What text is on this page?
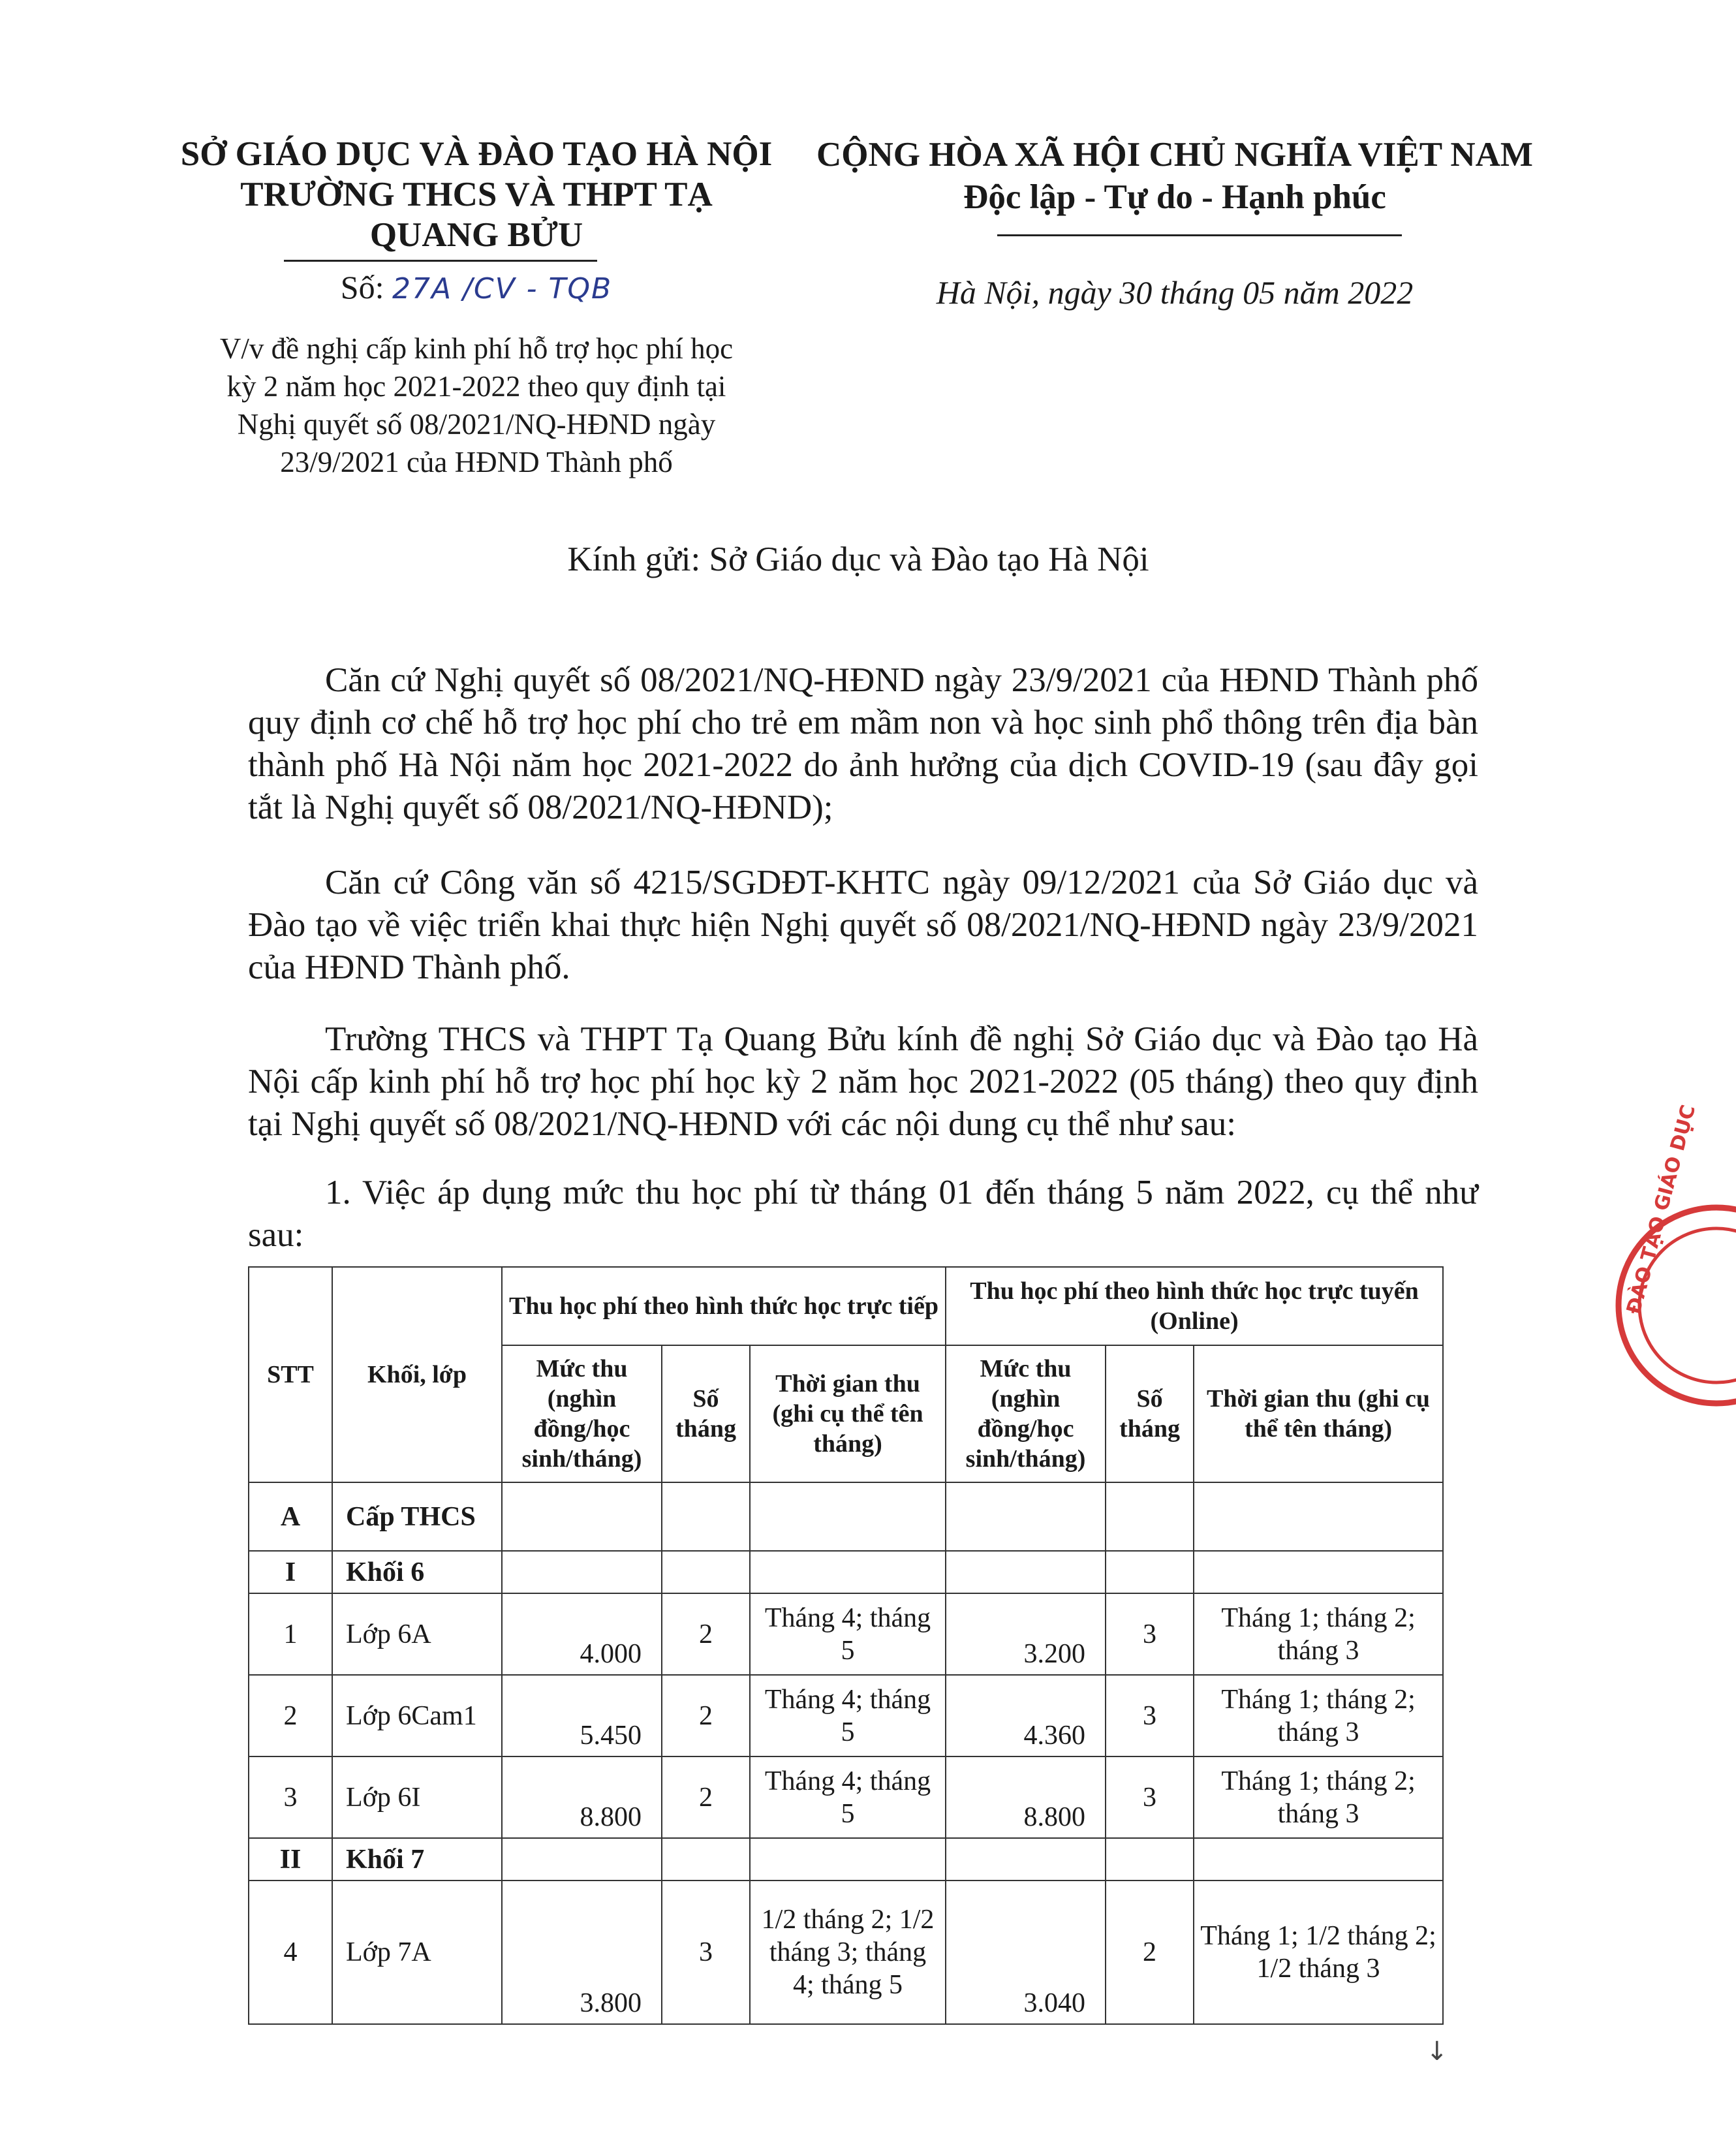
SỞ GIÁO DỤC VÀ ĐÀO TẠO HÀ NỘI
TRƯỜNG THCS VÀ THPT TẠ
QUANG BỬU
CỘNG HÒA XÃ HỘI CHỦ NGHĨA VIỆT NAM
Độc lập - Tự do - Hạnh phúc
Số: 27A /CV - TQB	Hà Nội, ngày 30 tháng 05 năm 2022
V/v đề nghị cấp kinh phí hỗ trợ học phí học
kỳ 2 năm học 2021-2022 theo quy định tại
Nghị quyết số 08/2021/NQ-HĐND ngày
23/9/2021 của HĐND Thành phố
Kính gửi: Sở Giáo dục và Đào tạo Hà Nội
Căn cứ Nghị quyết số 08/2021/NQ-HĐND ngày 23/9/2021 của HĐND Thành phố quy định cơ chế hỗ trợ học phí cho trẻ em mầm non và học sinh phổ thông trên địa bàn thành phố Hà Nội năm học 2021-2022 do ảnh hưởng của dịch COVID-19 (sau đây gọi tắt là Nghị quyết số 08/2021/NQ-HĐND);
Căn cứ Công văn số 4215/SGDĐT-KHTC ngày 09/12/2021 của Sở Giáo dục và Đào tạo về việc triển khai thực hiện Nghị quyết số 08/2021/NQ-HĐND ngày 23/9/2021 của HĐND Thành phố.
Trường THCS và THPT Tạ Quang Bửu kính đề nghị Sở Giáo dục và Đào tạo Hà Nội cấp kinh phí hỗ trợ học phí học kỳ 2 năm học 2021-2022 (05 tháng) theo quy định tại Nghị quyết số 08/2021/NQ-HĐND với các nội dung cụ thể như sau:
1. Việc áp dụng mức thu học phí từ tháng 01 đến tháng 5 năm 2022, cụ thể như sau:
STT	Khối, lớp	Thu học phí theo hình thức học trực tiếp			Thu học phí theo hình thức học trực tuyến (Online)		
		Mức thu (nghìn đồng/học sinh/tháng)	Số tháng	Thời gian thu (ghi cụ thể tên tháng)	Mức thu (nghìn đồng/học sinh/tháng)	Số tháng	Thời gian thu (ghi cụ thể tên tháng)
A	Cấp THCS						
I	Khối 6						
1	Lớp 6A	4.000	2	Tháng 4; tháng 5	3.200	3	Tháng 1; tháng 2; tháng 3
2	Lớp 6Cam1	5.450	2	Tháng 4; tháng 5	4.360	3	Tháng 1; tháng 2; tháng 3
3	Lớp 6I	8.800	2	Tháng 4; tháng 5	8.800	3	Tháng 1; tháng 2; tháng 3
II	Khối 7						
4	Lớp 7A	3.800	3	1/2 tháng 2; 1/2 tháng 3; tháng 4; tháng 5	3.040	2	Tháng 1; 1/2 tháng 2; 1/2 tháng 3
ĐÀO TẠO GIÁO DỤC
↓
